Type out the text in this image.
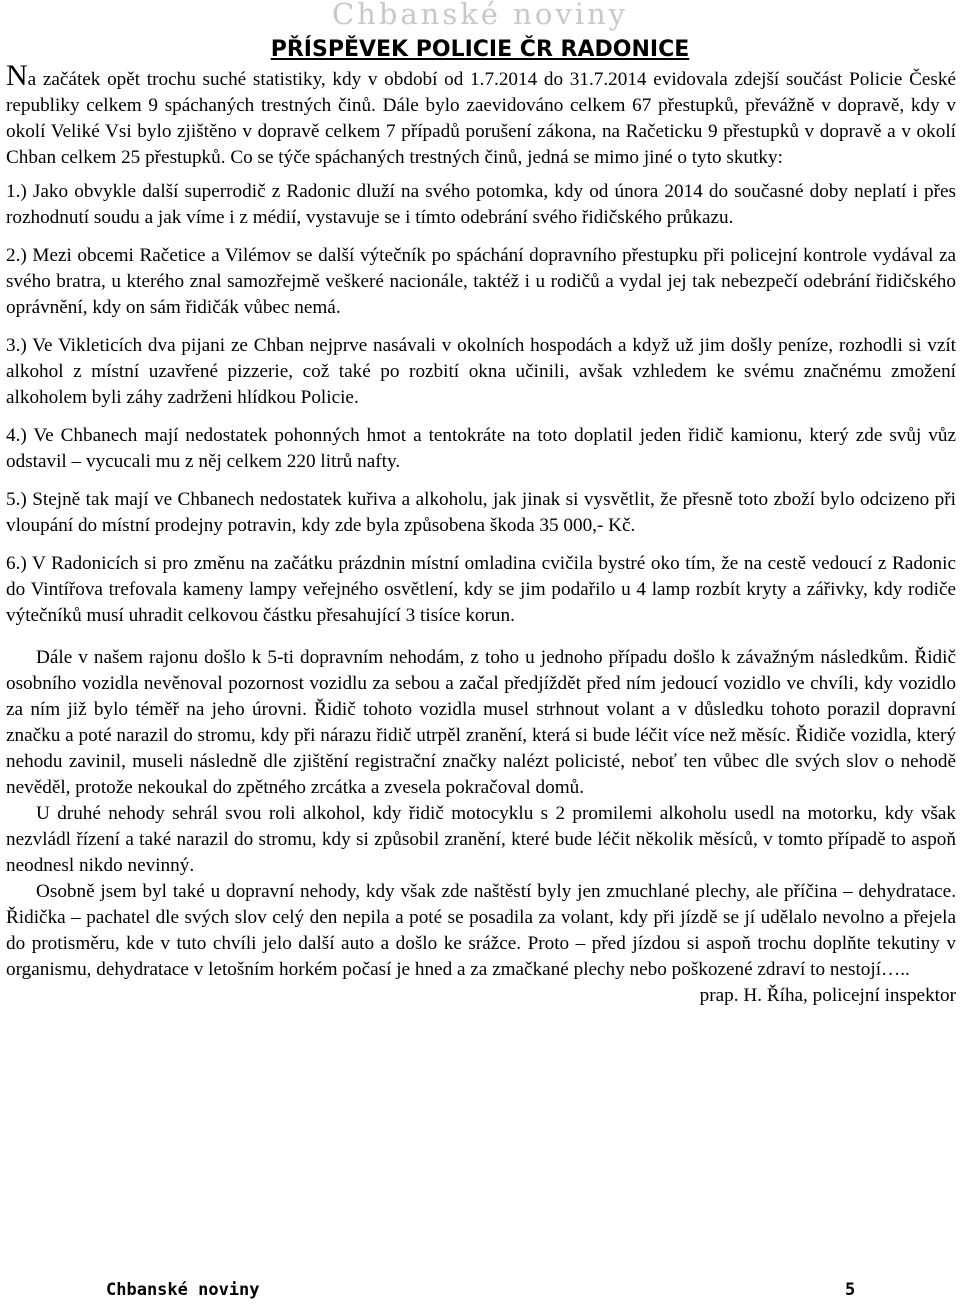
Chbanské noviny
PŘÍSPĚVEK POLICIE ČR RADONICE

Na začátek opět trochu suché statistiky, kdy v období od 1.7.2014 do 31.7.2014 evidovala zdejší součást Policie České republiky celkem 9 spáchaných trestných činů. Dále bylo zaevidováno celkem 67 přestupků, převážně v dopravě, kdy v okolí Veliké Vsi bylo zjištěno v dopravě celkem 7 případů porušení zákona, na Račeticku 9 přestupků v dopravě a v okolí Chban celkem 25 přestupků. Co se týče spáchaných trestných činů, jedná se mimo jiné o tyto skutky:

1.) Jako obvykle další superrodič z Radonic dluží na svého potomka, kdy od února 2014 do současné doby neplatí i přes rozhodnutí soudu a jak víme i z médií, vystavuje se i tímto odebrání svého řidičského průkazu.

2.) Mezi obcemi Račetice a Vilémov se další výtečník po spáchání dopravního přestupku při policejní kontrole vydával za svého bratra, u kterého znal samozřejmě veškeré nacionále, taktéž i u rodičů a vydal jej tak nebezpečí odebrání řidičského oprávnění, kdy on sám řidičák vůbec nemá.

3.) Ve Vikleticích dva pijani ze Chban nejprve nasávali v okolních hospodách a když už jim došly peníze, rozhodli si vzít alkohol z místní uzavřené pizzerie, což také po rozbití okna učinili, avšak vzhledem ke svému značnému zmožení alkoholem byli záhy zadrženi hlídkou Policie.

4.) Ve Chbanech mají nedostatek pohonných hmot a tentokráte na toto doplatil jeden řidič kamionu, který zde svůj vůz odstavil – vycucali mu z něj celkem 220 litrů nafty.

5.) Stejně tak mají ve Chbanech nedostatek kuřiva a alkoholu, jak jinak si vysvětlit, že přesně toto zboží bylo odcizeno při vloupání do místní prodejny potravin, kdy zde byla způsobena škoda 35 000,- Kč.

6.) V Radonicích si pro změnu na začátku prázdnin místní omladina cvičila bystré oko tím, že na cestě vedoucí z Radonic do Vintířova trefovala kameny lampy veřejného osvětlení, kdy se jim podařilo u 4 lamp rozbít kryty a zářivky, kdy rodiče výtečníků musí uhradit celkovou částku přesahující 3 tisíce korun.

Dále v našem rajonu došlo k 5-ti dopravním nehodám, z toho u jednoho případu došlo k závažným následkům. Řidič osobního vozidla nevěnoval pozornost vozidlu za sebou a začal předjíždět před ním jedoucí vozidlo ve chvíli, kdy vozidlo za ním již bylo téměř na jeho úrovni. Řidič tohoto vozidla musel strhnout volant a v důsledku tohoto porazil dopravní značku a poté narazil do stromu, kdy při nárazu řidič utrpěl zranění, která si bude léčit více než měsíc. Řidiče vozidla, který nehodu zavinil, museli následně dle zjištění registrační značky nalézt policisté, neboť ten vůbec dle svých slov o nehodě nevěděl, protože nekoukal do zpětného zrcátka a zvesela pokračoval domů.

U druhé nehody sehrál svou roli alkohol, kdy řidič motocyklu s 2 promilemi alkoholu usedl na motorku, kdy však nezvládl řízení a také narazil do stromu, kdy si způsobil zranění, které bude léčit několik měsíců, v tomto případě to aspoň neodnesl nikdo nevinný.

Osobně jsem byl také u dopravní nehody, kdy však zde naštěstí byly jen zmuchlané plechy, ale příčina – dehydratace. Řidička – pachatel dle svých slov celý den nepila a poté se posadila za volant, kdy při jízdě se jí udělalo nevolno a přejela do protisměru, kde v tuto chvíli jelo další auto a došlo ke srážce. Proto – před jízdou si aspoň trochu doplňte tekutiny v organismu, dehydratace v letošním horkém počasí je hned a za zmačkané plechy nebo poškozené zdraví to nestojí…..

prap. H. Říha, policejní inspektor
Chbanské noviny	5
